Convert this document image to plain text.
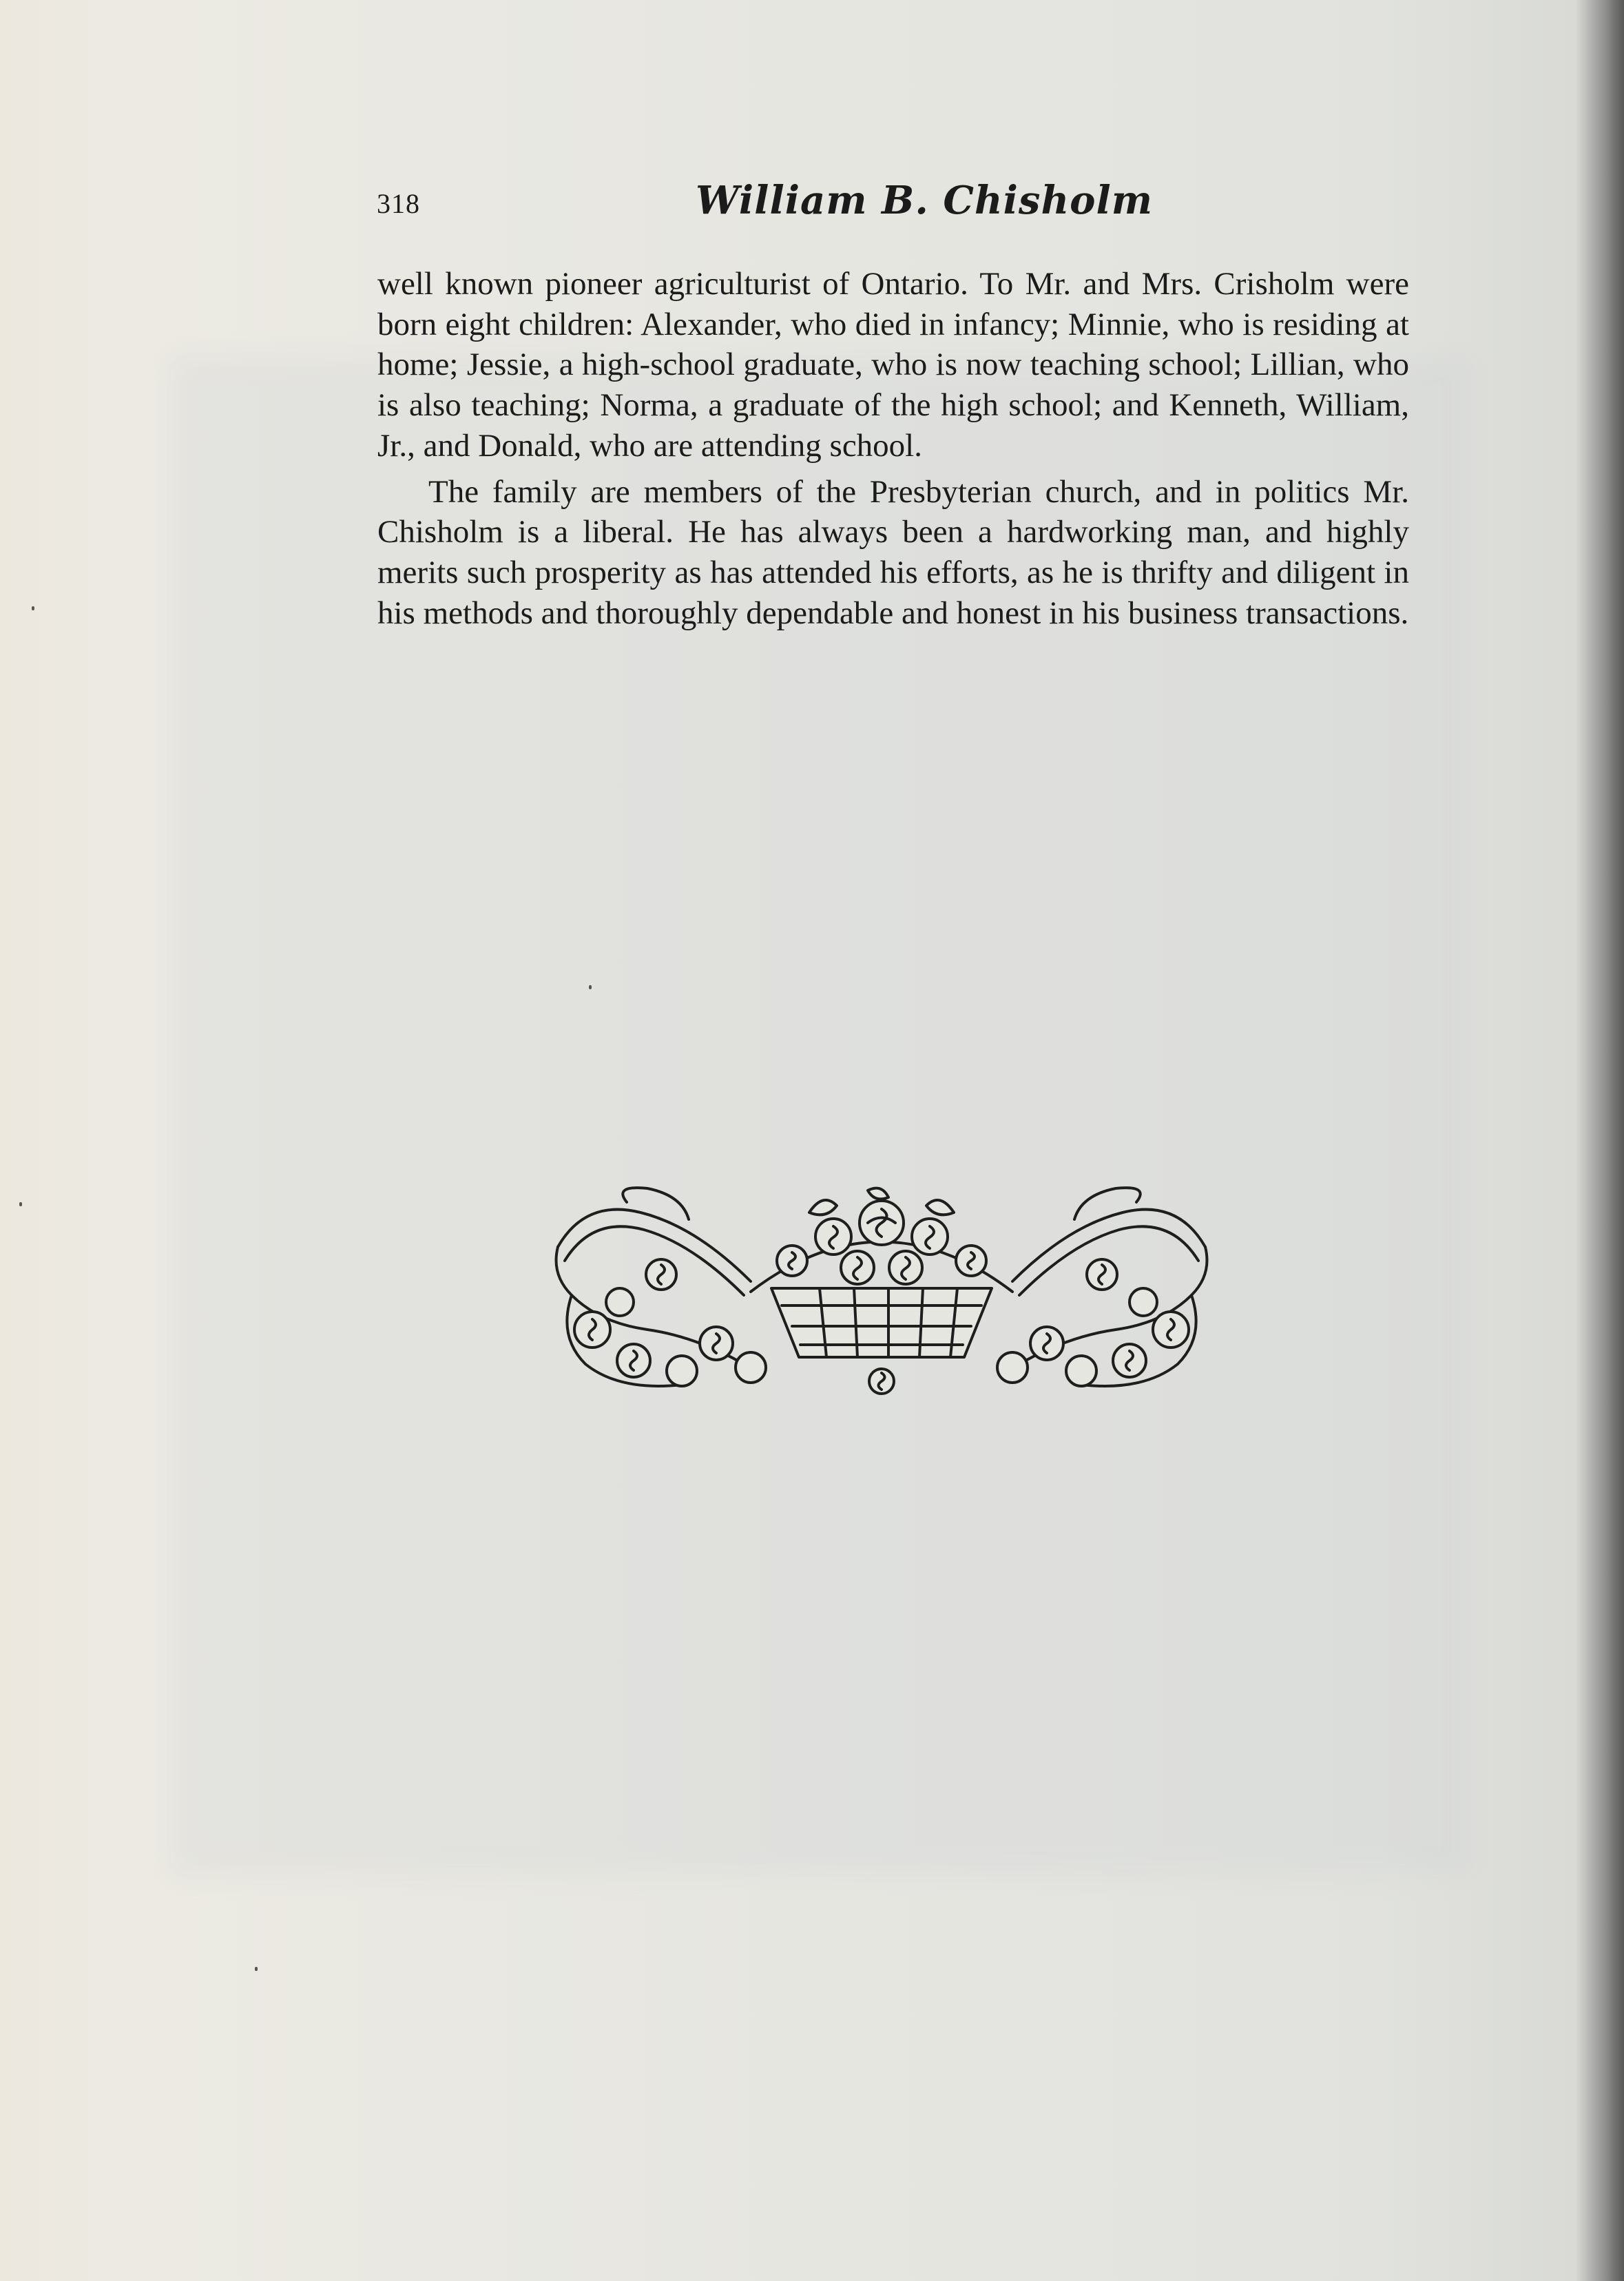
318	William B. Chisholm

well known pioneer agriculturist of Ontario. To Mr. and Mrs. Crisholm were born eight children: Alexander, who died in infancy; Minnie, who is residing at home; Jessie, a high-school graduate, who is now teaching school; Lillian, who is also teaching; Norma, a graduate of the high school; and Kenneth, William, Jr., and Donald, who are attending school.

The family are members of the Presbyterian church, and in politics Mr. Chisholm is a liberal. He has always been a hardworking man, and highly merits such prosperity as has attended his efforts, as he is thrifty and diligent in his methods and thoroughly dependable and honest in his business transactions.
